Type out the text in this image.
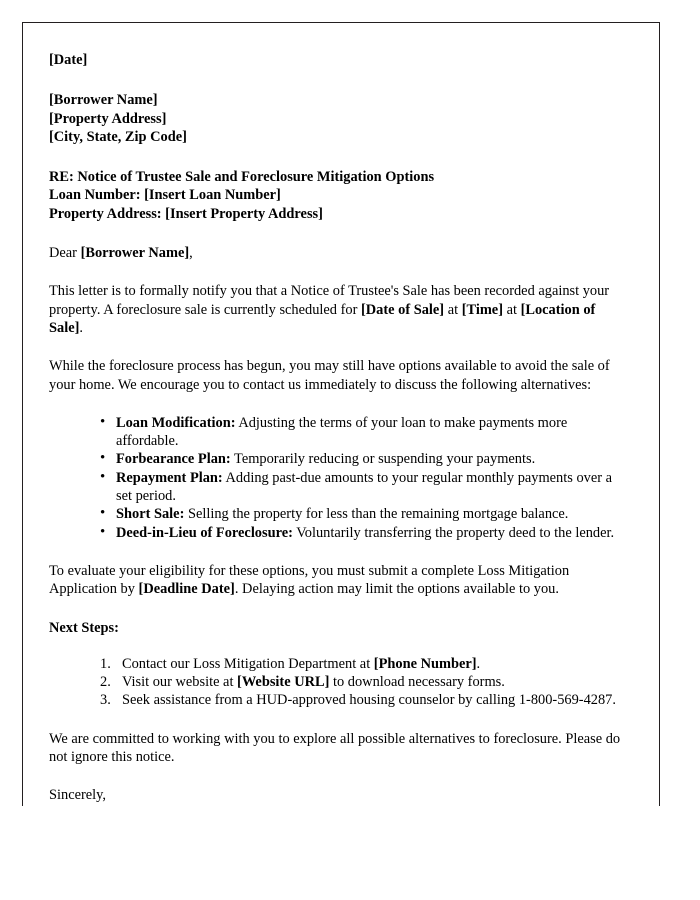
[Date]

[Borrower Name]

[Property Address]

[City, State, Zip Code]

RE: Notice of Trustee Sale and Foreclosure Mitigation Options

Loan Number: [Insert Loan Number]

Property Address: [Insert Property Address]

Dear [Borrower Name],

This letter is to formally notify you that a Notice of Trustee's Sale has been recorded against your property. A foreclosure sale is currently scheduled for [Date of Sale] at [Time] at [Location of Sale].

While the foreclosure process has begun, you may still have options available to avoid the sale of your home. We encourage you to contact us immediately to discuss the following alternatives:

• Loan Modification: Adjusting the terms of your loan to make payments more affordable.
• Forbearance Plan: Temporarily reducing or suspending your payments.
• Repayment Plan: Adding past-due amounts to your regular monthly payments over a set period.
• Short Sale: Selling the property for less than the remaining mortgage balance.
• Deed-in-Lieu of Foreclosure: Voluntarily transferring the property deed to the lender.

To evaluate your eligibility for these options, you must submit a complete Loss Mitigation Application by [Deadline Date]. Delaying action may limit the options available to you.

Next Steps:

Contact our Loss Mitigation Department at [Phone Number].
Visit our website at [Website URL] to download necessary forms.
Seek assistance from a HUD-approved housing counselor by calling 1-800-569-4287.

We are committed to working with you to explore all possible alternatives to foreclosure. Please do not ignore this notice.

Sincerely,
